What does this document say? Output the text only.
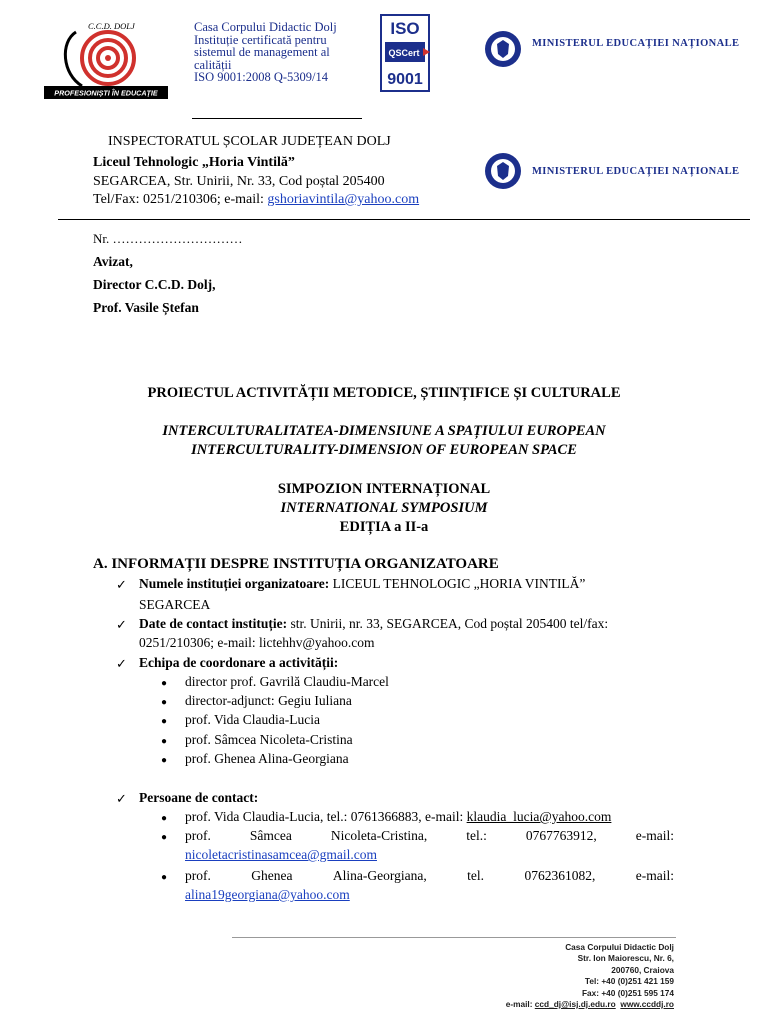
C.C.D. DOLJ
PROFESIONIȘTI ÎN EDUCAȚIE
Casa Corpului Didactic Dolj
Instituție certificată pentru
sistemul de management al
calității
ISO 9001:2008 Q-5309/14
ISO
QSCert
9001
MINISTERUL EDUCAȚIEI NAȚIONALE
INSPECTORATUL ȘCOLAR JUDEȚEAN DOLJ
Liceul Tehnologic „Horia Vintilă”
SEGARCEA, Str. Unirii, Nr. 33, Cod poștal 205400
Tel/Fax: 0251/210306; e-mail: gshoriavintila@yahoo.com
MINISTERUL EDUCAȚIEI NAȚIONALE
Nr. …………………………
Avizat,
Director C.C.D. Dolj,
Prof. Vasile Ștefan
PROIECTUL ACTIVITĂȚII METODICE, ȘTIINȚIFICE ȘI CULTURALE
INTERCULTURALITATEA-DIMENSIUNE A SPAȚIULUI EUROPEAN
INTERCULTURALITY-DIMENSION OF EUROPEAN SPACE
SIMPOZION INTERNAȚIONAL
INTERNATIONAL SYMPOSIUM
EDIȚIA a II-a
A. INFORMAȚII DESPRE INSTITUȚIA ORGANIZATOARE
✓ Numele instituției organizatoare: LICEUL TEHNOLOGIC „HORIA VINTILĂ”
SEGARCEA
✓ Date de contact instituție: str. Unirii, nr. 33, SEGARCEA, Cod poștal 205400 tel/fax:
0251/210306; e-mail: lictehhv@yahoo.com
✓ Echipa de coordonare a activității:
● director prof. Gavrilă Claudiu-Marcel
● director-adjunct: Gegiu Iuliana
● prof. Vida Claudia-Lucia
● prof. Sâmcea Nicoleta-Cristina
● prof. Ghenea Alina-Georgiana
✓ Persoane de contact:
● prof. Vida Claudia-Lucia, tel.: 0761366883, e-mail: klaudia_lucia@yahoo.com
● prof.	Sâmcea	Nicoleta-Cristina,	tel.:	0767763912,	e-mail:
nicoletacristinasamcea@gmail.com
● prof.	Ghenea	Alina-Georgiana,	tel.	0762361082,	e-mail:
alina19georgiana@yahoo.com
Casa Corpului Didactic Dolj
Str. Ion Maiorescu, Nr. 6,
200760, Craiova
Tel: +40 (0)251 421 159
Fax: +40 (0)251 595 174
e-mail: ccd_dj@isj.dj.edu.ro www.ccddj.ro
